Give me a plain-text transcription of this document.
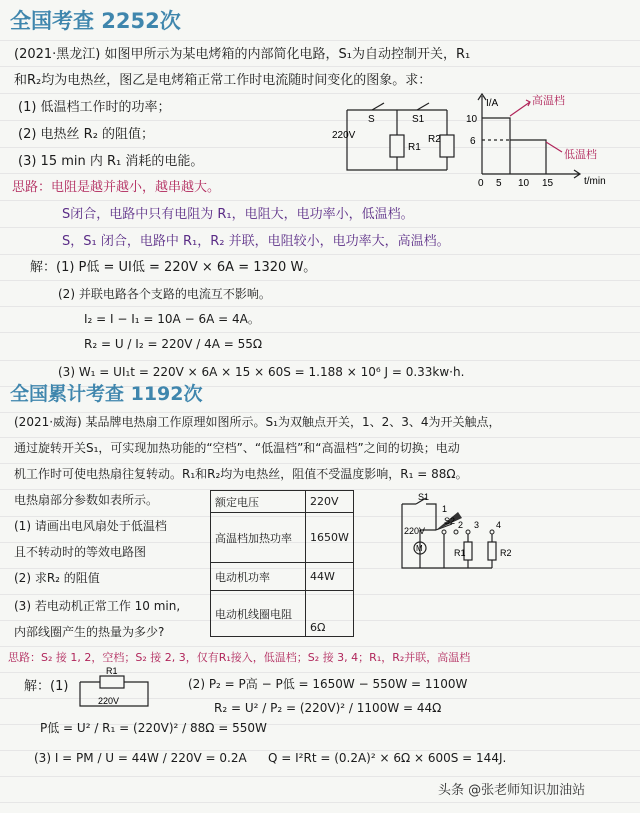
全国考查 2252次
(2021·黑龙江) 如图甲所示为某电烤箱的内部简化电路，S₁为自动控制开关，R₁
和R₂均为电热丝，图乙是电烤箱正常工作时电流随时间变化的图象。求：
(1) 低温档工作时的功率；
(2) 电热丝 R₂ 的阻值；
(3) 15 min 内 R₁ 消耗的电能。
S	S1
220V
R1
R2
I/A
10
6
0 5 10 15	t/min
高温档
低温档
思路：电阻是越并越小，越串越大。
S闭合，电路中只有电阻为 R₁，电阻大，电功率小，低温档。
S，S₁ 闭合，电路中 R₁，R₂ 并联，电阻较小，电功率大，高温档。
解：(1) P低 = UI低 = 220V × 6A = 1320 W。
(2) 并联电路各个支路的电流互不影响。
I₂ = I − I₁ = 10A − 6A = 4A。
R₂ = U / I₂ = 220V / 4A = 55Ω
(3) W₁ = UI₁t = 220V × 6A × 15 × 60S = 1.188 × 10⁶ J = 0.33kw·h.
全国累计考查 1192次
(2021·威海) 某品牌电热扇工作原理如图所示。S₁为双触点开关，1、2、3、4为开关触点，
通过旋转开关S₁，可实现加热功能的“空档”、“低温档”和“高温档”之间的切换；电动
机工作时可使电热扇往复转动。R₁和R₂均为电热丝，阻值不受温度影响，R₁ = 88Ω。
电热扇部分参数如表所示。
(1) 请画出电风扇处于低温档
且不转动时的等效电路图
(2) 求R₂ 的阻值
(3) 若电动机正常工作 10 min,
内部线圈产生的热量为多少?
额定电压	220V
高温档加热功率	1650W
电动机功率	44W
电动机线圈电阻	6Ω
S1
S2
220V
M	R1	R2
1
2 3 4
思路：S₂ 接 1, 2，空档；S₂ 接 2, 3，仅有R₁接入，低温档；S₂ 接 3, 4；R₁，R₂并联，高温档
解：(1)
R1
220V
(2) P₂ = P高 − P低 = 1650W − 550W = 1100W
R₂ = U² / P₂ = (220V)² / 1100W = 44Ω
P低 = U² / R₁ = (220V)² / 88Ω = 550W
(3) I = PM / U = 44W / 220V = 0.2A Q = I²Rt = (0.2A)² × 6Ω × 600S = 144J.
头条 @张老师知识加油站
